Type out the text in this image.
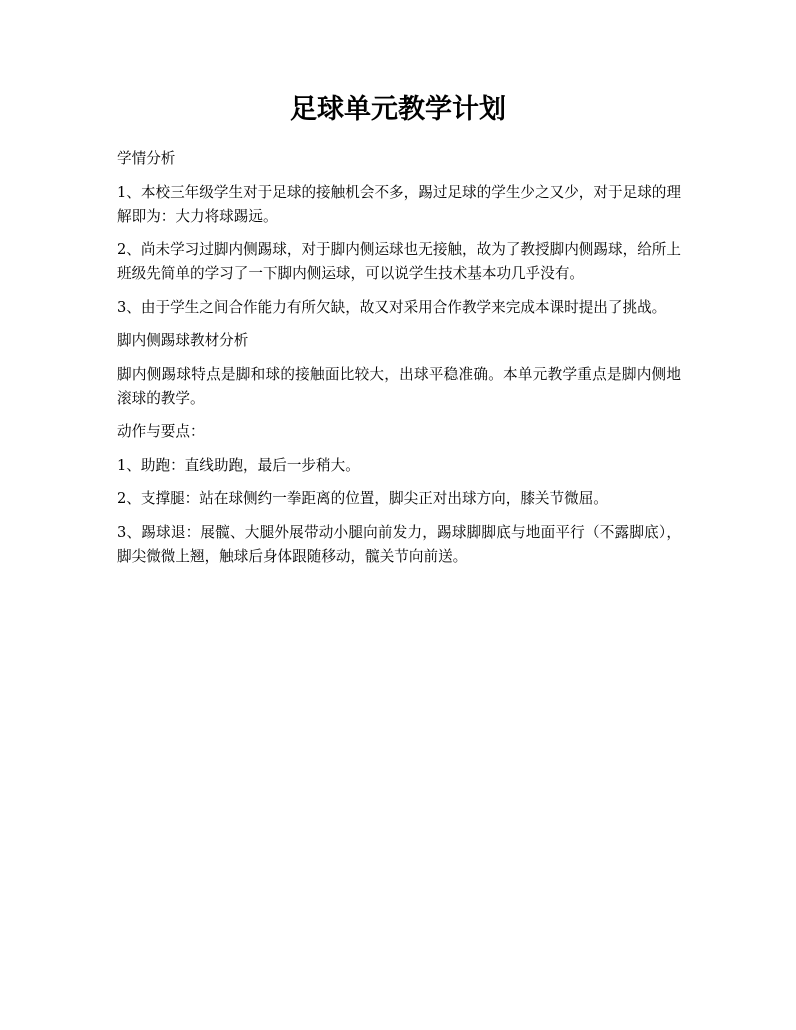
足球单元教学计划

学情分析

1、本校三年级学生对于足球的接触机会不多，踢过足球的学生少之又少，对于足球的理解即为：大力将球踢远。

2、尚未学习过脚内侧踢球，对于脚内侧运球也无接触，故为了教授脚内侧踢球，给所上班级先简单的学习了一下脚内侧运球，可以说学生技术基本功几乎没有。

3、由于学生之间合作能力有所欠缺，故又对采用合作教学来完成本课时提出了挑战。

脚内侧踢球教材分析

脚内侧踢球特点是脚和球的接触面比较大，出球平稳准确。本单元教学重点是脚内侧地滚球的教学。

动作与要点：

1、助跑：直线助跑，最后一步稍大。

2、支撑腿：站在球侧约一拳距离的位置，脚尖正对出球方向，膝关节微屈。

3、踢球退：展髋、大腿外展带动小腿向前发力，踢球脚脚底与地面平行（不露脚底），脚尖微微上翘，触球后身体跟随移动，髋关节向前送。
